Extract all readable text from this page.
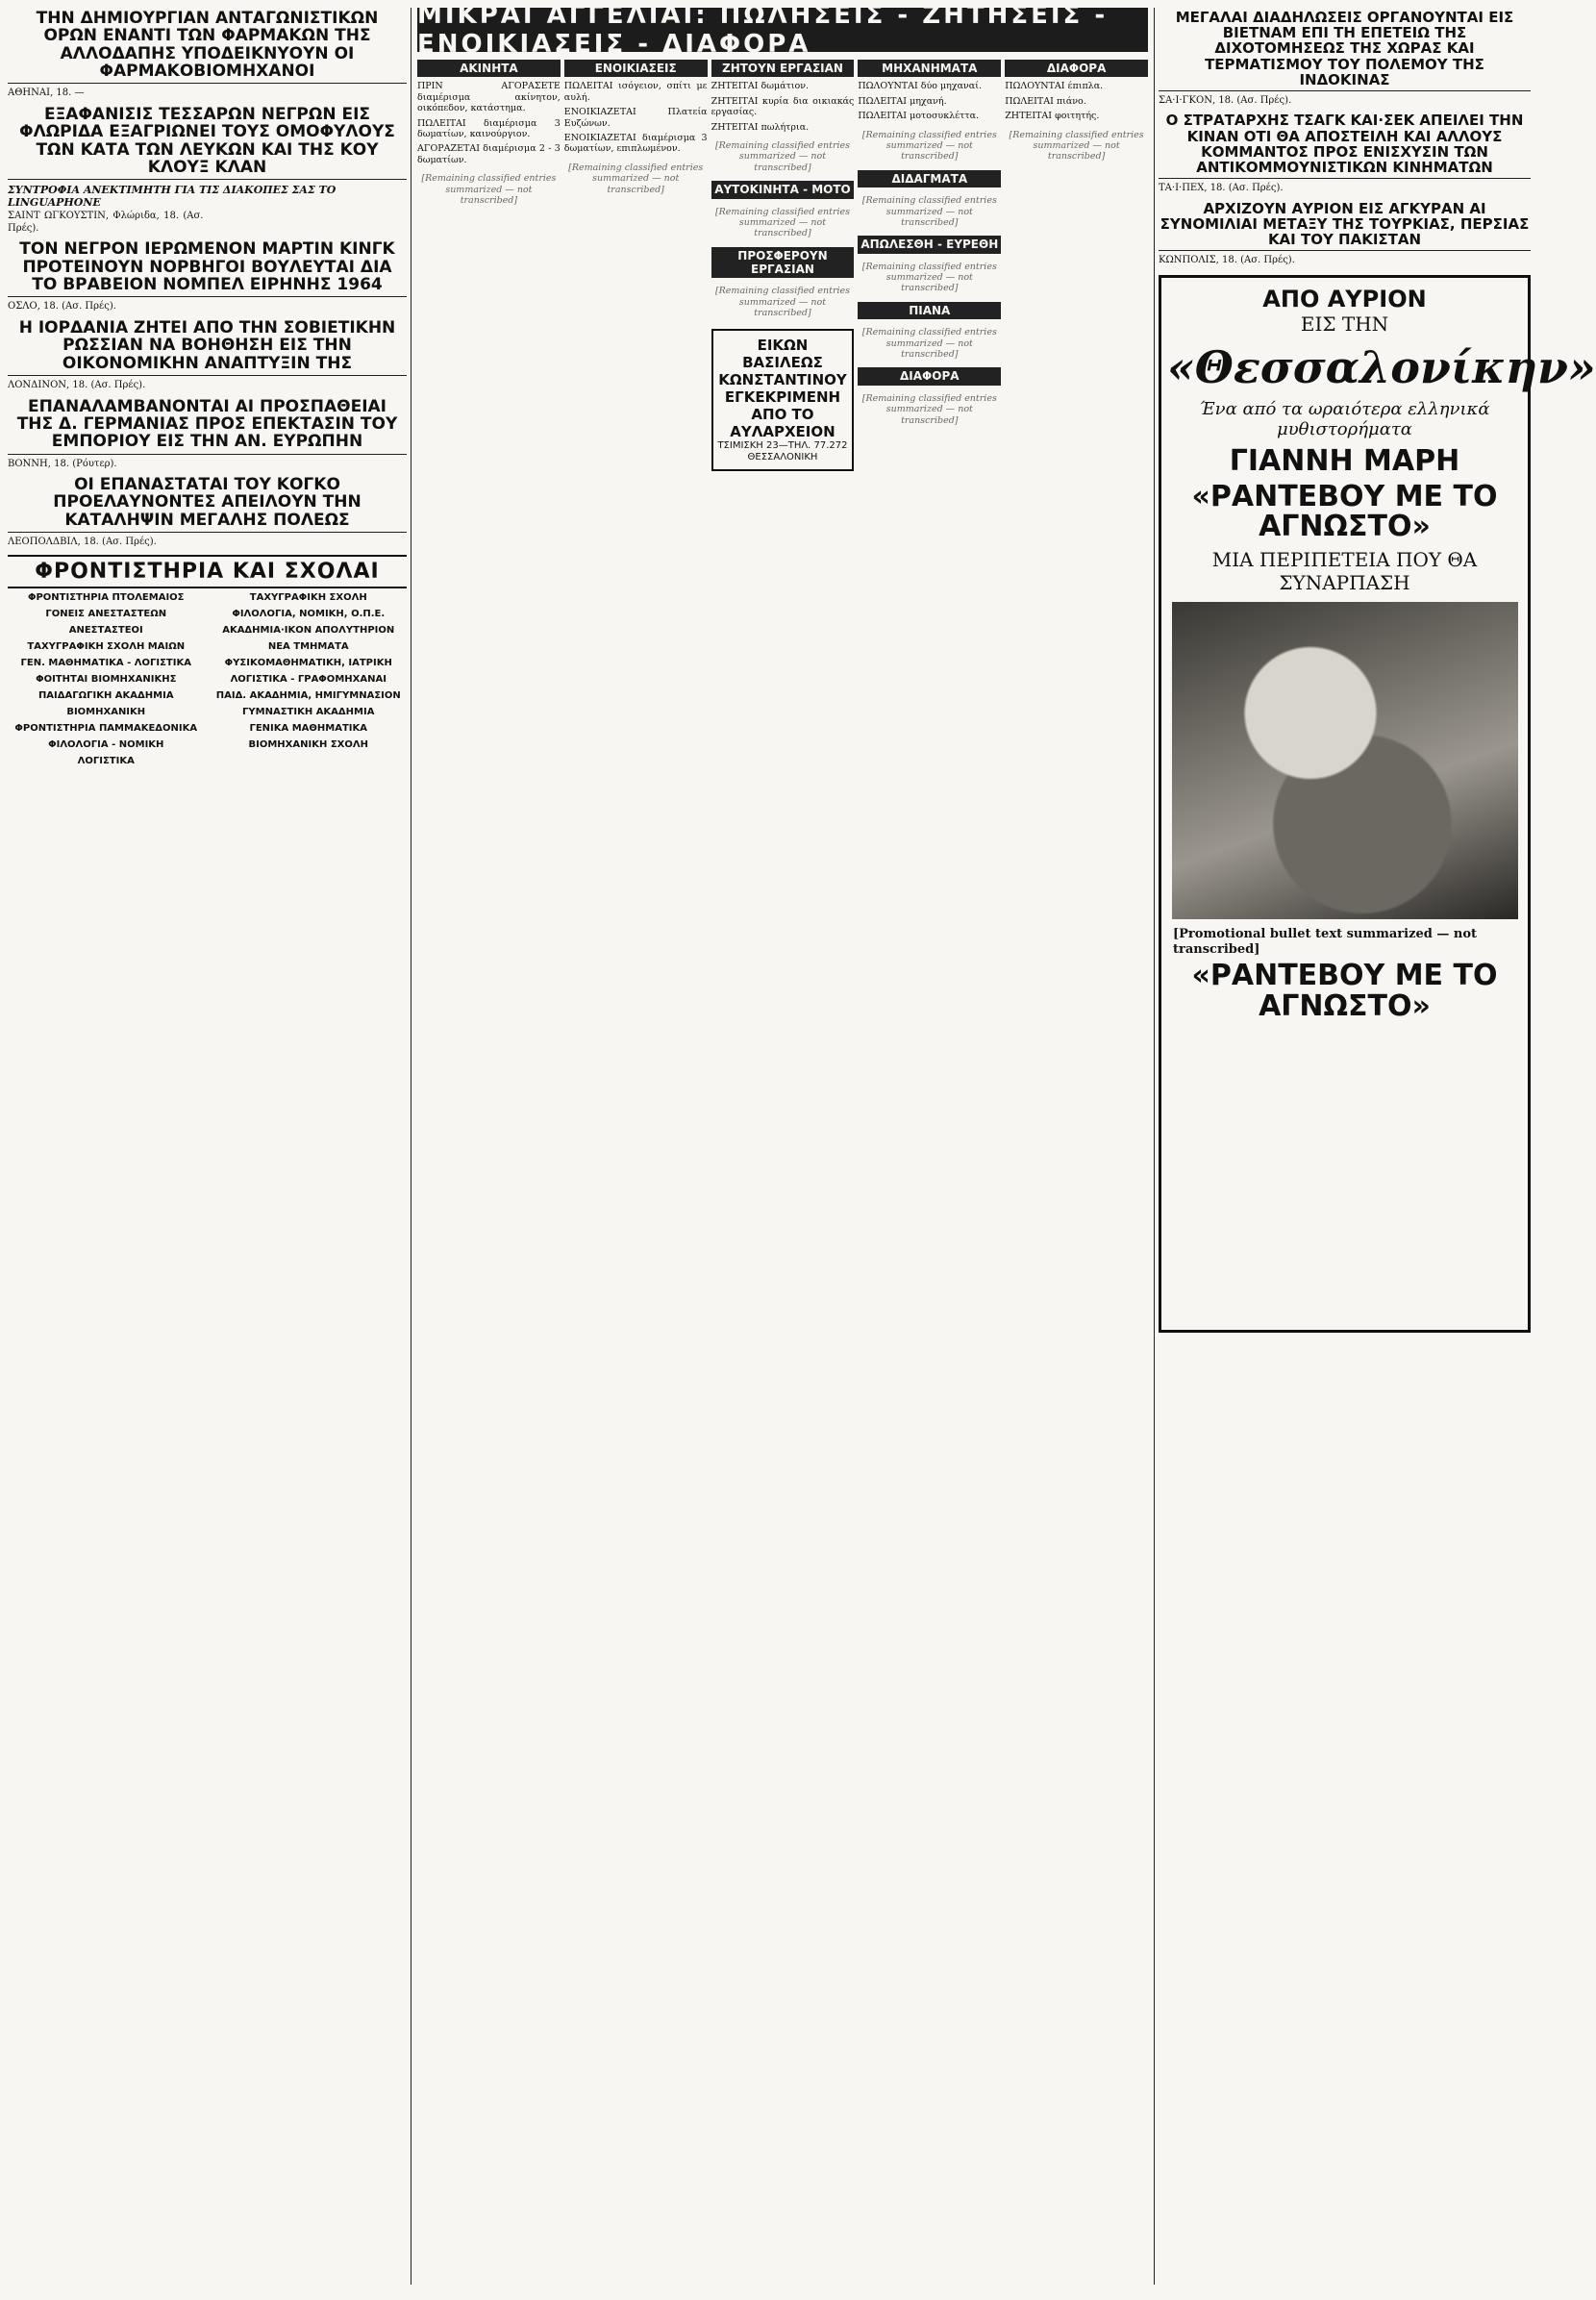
ΤΗΝ ΔΗΜΙΟΥΡΓΙΑΝ ΑΝΤΑΓΩΝΙΣΤΙΚΩΝ ΟΡΩΝ ΕΝΑΝΤΙ ΤΩΝ ΦΑΡΜΑΚΩΝ ΤΗΣ ΑΛΛΟΔΑΠΗΣ ΥΠΟΔΕΙΚΝΥΟΥΝ ΟΙ ΦΑΡΜΑΚΟΒΙΟΜΗΧΑΝΟΙ

ΑΘΗΝΑΙ, 18. —

ΕΞΑΦΑΝΙΣΙΣ ΤΕΣΣΑΡΩΝ ΝΕΓΡΩΝ ΕΙΣ ΦΛΩΡΙΔΑ ΕΞΑΓΡΙΩΝΕΙ ΤΟΥΣ ΟΜΟΦΥΛΟΥΣ ΤΩΝ ΚΑΤΑ ΤΩΝ ΛΕΥΚΩΝ ΚΑΙ ΤΗΣ ΚΟΥ ΚΛΟΥΞ ΚΛΑΝ
ΣΥΝΤΡΟΦΙΑ ΑΝΕΚΤΙΜΗΤΗ ΓΙΑ ΤΙΣ ΔΙΑΚΟΠΕΣ ΣΑΣ ΤΟ LINGUAPHONE

ΣΑΙΝΤ ΩΓΚΟΥΣΤΙΝ, Φλώριδα, 18. (Ασ. Πρές).

ΤΟΝ ΝΕΓΡΟΝ ΙΕΡΩΜΕΝΟΝ ΜΑΡΤΙΝ ΚΙΝΓΚ ΠΡΟΤΕΙΝΟΥΝ ΝΟΡΒΗΓΟΙ ΒΟΥΛΕΥΤΑΙ ΔΙΑ ΤΟ ΒΡΑΒΕΙΟΝ ΝΟΜΠΕΛ ΕΙΡΗΝΗΣ 1964

ΟΣΛΟ, 18. (Ασ. Πρές).

Η ΙΟΡΔΑΝΙΑ ΖΗΤΕΙ ΑΠΟ ΤΗΝ ΣΟΒΙΕΤΙΚΗΝ ΡΩΣΣΙΑΝ ΝΑ ΒΟΗΘΗΣΗ ΕΙΣ ΤΗΝ ΟΙΚΟΝΟΜΙΚΗΝ ΑΝΑΠΤΥΞΙΝ ΤΗΣ

ΛΟΝΔΙΝΟΝ, 18. (Ασ. Πρές).

ΕΠΑΝΑΛΑΜΒΑΝΟΝΤΑΙ ΑΙ ΠΡΟΣΠΑΘΕΙΑΙ ΤΗΣ Δ. ΓΕΡΜΑΝΙΑΣ ΠΡΟΣ ΕΠΕΚΤΑΣΙΝ ΤΟΥ ΕΜΠΟΡΙΟΥ ΕΙΣ ΤΗΝ ΑΝ. ΕΥΡΩΠΗΝ

ΒΟΝΝΗ, 18. (Ρόυτερ).

ΟΙ ΕΠΑΝΑΣΤΑΤΑΙ ΤΟΥ ΚΟΓΚΟ ΠΡΟΕΛΑΥΝΟΝΤΕΣ ΑΠΕΙΛΟΥΝ ΤΗΝ ΚΑΤΑΛΗΨΙΝ ΜΕΓΑΛΗΣ ΠΟΛΕΩΣ

ΛΕΟΠΟΛΔΒΙΛ, 18. (Ασ. Πρές).

ΦΡΟΝΤΙΣΤΗΡΙΑ ΚΑΙ ΣΧΟΛΑΙ
ΦΡΟΝΤΙΣΤΗΡΙΑ ΠΤΟΛΕΜΑΙΟΣ
ΓΟΝΕΙΣ ΑΝΕΣΤΑΣΤΕΩΝ
ΑΝΕΣΤΑΣΤΕΟΙ
ΤΑΧΥΓΡΑΦΙΚΗ ΣΧΟΛΗ ΜΑΙΩΝ
ΓΕΝ. ΜΑΘΗΜΑΤΙΚΑ - ΛΟΓΙΣΤΙΚΑ
ΦΟΙΤΗΤΑΙ ΒΙΟΜΗΧΑΝΙΚΗΣ
ΠΑΙΔΑΓΩΓΙΚΗ ΑΚΑΔΗΜΙΑ
ΒΙΟΜΗΧΑΝΙΚΗ
ΦΡΟΝΤΙΣΤΗΡΙΑ ΠΑΜΜΑΚΕΔΟΝΙΚΑ
ΦΙΛΟΛΟΓΙΑ - ΝΟΜΙΚΗ
ΛΟΓΙΣΤΙΚΑ
ΤΑΧΥΓΡΑΦΙΚΗ ΣΧΟΛΗ
ΦΙΛΟΛΟΓΙΑ, ΝΟΜΙΚΗ, Ο.Π.Ε.
ΑΚΑΔΗΜΙΑ·ΙΚΟΝ ΑΠΟΛΥΤΗΡΙΟΝ
ΝΕΑ ΤΜΗΜΑΤΑ
ΦΥΣΙΚΟΜΑΘΗΜΑΤΙΚΗ, ΙΑΤΡΙΚΗ
ΛΟΓΙΣΤΙΚΑ - ΓΡΑΦΟΜΗΧΑΝΑΙ
ΠΑΙΔ. ΑΚΑΔΗΜΙΑ, ΗΜΙΓΥΜΝΑΣΙΟΝ
ΓΥΜΝΑΣΤΙΚΗ ΑΚΑΔΗΜΙΑ
ΓΕΝΙΚΑ ΜΑΘΗΜΑΤΙΚΑ
ΒΙΟΜΗΧΑΝΙΚΗ ΣΧΟΛΗ
ΜΙΚΡΑΙ ΑΓΓΕΛΙΑΙ: ΠΩΛΗΣΕΙΣ - ΖΗΤΗΣΕΙΣ - ΕΝΟΙΚΙΑΣΕΙΣ - ΔΙΑΦΟΡΑ
ΑΚΙΝΗΤΑ

ΠΡΙΝ ΑΓΟΡΑΣΕΤΕ διαμέρισμα ακίνητον, οικόπεδον, κατάστημα.

ΠΩΛΕΙΤΑΙ διαμέρισμα 3 δωματίων, καινούργιον.

ΑΓΟΡΑΖΕΤΑΙ διαμέρισμα 2 - 3 δωματίων.

[Remaining classified entries summarized — not transcribed]
ΕΝΟΙΚΙΑΣΕΙΣ

ΠΩΛΕΙΤΑΙ ισόγειον, σπίτι με αυλή.

ΕΝΟΙΚΙΑΖΕΤΑΙ Πλατεία Ευζώνων.

ΕΝΟΙΚΙΑΖΕΤΑΙ διαμέρισμα 3 δωματίων, επιπλωμένον.

[Remaining classified entries summarized — not transcribed]
ΖΗΤΟΥΝ ΕΡΓΑΣΙΑΝ

ΖΗΤΕΙΤΑΙ δωμάτιον.

ΖΗΤΕΙΤΑΙ κυρία δια οικιακάς εργασίας.

ΖΗΤΕΙΤΑΙ πωλήτρια.

[Remaining classified entries summarized — not transcribed]
ΑΥΤΟΚΙΝΗΤΑ - ΜΟΤΟ
[Remaining classified entries summarized — not transcribed]
ΠΡΟΣΦΕΡΟΥΝ ΕΡΓΑΣΙΑΝ
[Remaining classified entries summarized — not transcribed]
ΕΙΚΩΝ ΒΑΣΙΛΕΩΣ ΚΩΝΣΤΑΝΤΙΝΟΥ
ΕΓΚΕΚΡΙΜΕΝΗ ΑΠΟ ΤΟ ΑΥΛΑΡΧΕΙΟΝ
ΤΣΙΜΙΣΚΗ 23—ΤΗΛ. 77.272 ΘΕΣΣΑΛΟΝΙΚΗ
ΜΗΧΑΝΗΜΑΤΑ

ΠΩΛΟΥΝΤΑΙ δύο μηχαναί.

ΠΩΛΕΙΤΑΙ μηχανή.

ΠΩΛΕΙΤΑΙ μοτοσυκλέττα.

[Remaining classified entries summarized — not transcribed]
ΔΙΔΑΓΜΑΤΑ
[Remaining classified entries summarized — not transcribed]
ΑΠΩΛΕΣΘΗ - ΕΥΡΕΘΗ
[Remaining classified entries summarized — not transcribed]
ΠΙΑΝΑ
[Remaining classified entries summarized — not transcribed]
ΔΙΑΦΟΡΑ
[Remaining classified entries summarized — not transcribed]
ΔΙΑΦΟΡΑ

ΠΩΛΟΥΝΤΑΙ έπιπλα.

ΠΩΛΕΙΤΑΙ πιάνο.

ΖΗΤΕΙΤΑΙ φοιτητής.

[Remaining classified entries summarized — not transcribed]
ΜΕΓΑΛΑΙ ΔΙΑΔΗΛΩΣΕΙΣ ΟΡΓΑΝΟΥΝΤΑΙ ΕΙΣ ΒΙΕΤΝΑΜ ΕΠΙ ΤΗ ΕΠΕΤΕΙΩ ΤΗΣ ΔΙΧΟΤΟΜΗΣΕΩΣ ΤΗΣ ΧΩΡΑΣ ΚΑΙ ΤΕΡΜΑΤΙΣΜΟΥ ΤΟΥ ΠΟΛΕΜΟΥ ΤΗΣ ΙΝΔΟΚΙΝΑΣ

ΣΑ·Ι·ΓΚΟΝ, 18. (Ασ. Πρές).

Ο ΣΤΡΑΤΑΡΧΗΣ ΤΣΑΓΚ ΚΑΙ·ΣΕΚ ΑΠΕΙΛΕΙ ΤΗΝ ΚΙΝΑΝ ΟΤΙ ΘΑ ΑΠΟΣΤΕΙΛΗ ΚΑΙ ΑΛΛΟΥΣ ΚΟΜΜΑΝΤΟΣ ΠΡΟΣ ΕΝΙΣΧΥΣΙΝ ΤΩΝ ΑΝΤΙΚΟΜΜΟΥΝΙΣΤΙΚΩΝ ΚΙΝΗΜΑΤΩΝ

ΤΑ·Ι·ΠΕΧ, 18. (Ασ. Πρές).

ΑΡΧΙΖΟΥΝ ΑΥΡΙΟΝ ΕΙΣ ΑΓΚΥΡΑΝ ΑΙ ΣΥΝΟΜΙΛΙΑΙ ΜΕΤΑΞΥ ΤΗΣ ΤΟΥΡΚΙΑΣ, ΠΕΡΣΙΑΣ ΚΑΙ ΤΟΥ ΠΑΚΙΣΤΑΝ

ΚΩΝΠΟΛΙΣ, 18. (Ασ. Πρές).

ΑΠΟ ΑΥΡΙΟΝ
ΕΙΣ ΤΗΝ
«Θεσσαλονίκην»
Ένα από τα ωραιότερα ελληνικά μυθιστορήματα
ΓΙΑΝΝΗ ΜΑΡΗ
«ΡΑΝΤΕΒΟΥ ΜΕ ΤΟ ΑΓΝΩΣΤΟ»
ΜΙΑ ΠΕΡΙΠΕΤΕΙΑ ΠΟΥ ΘΑ ΣΥΝΑΡΠΑΣΗ
[Promotional bullet text summarized — not transcribed]
«ΡΑΝΤΕΒΟΥ ΜΕ ΤΟ ΑΓΝΩΣΤΟ»
